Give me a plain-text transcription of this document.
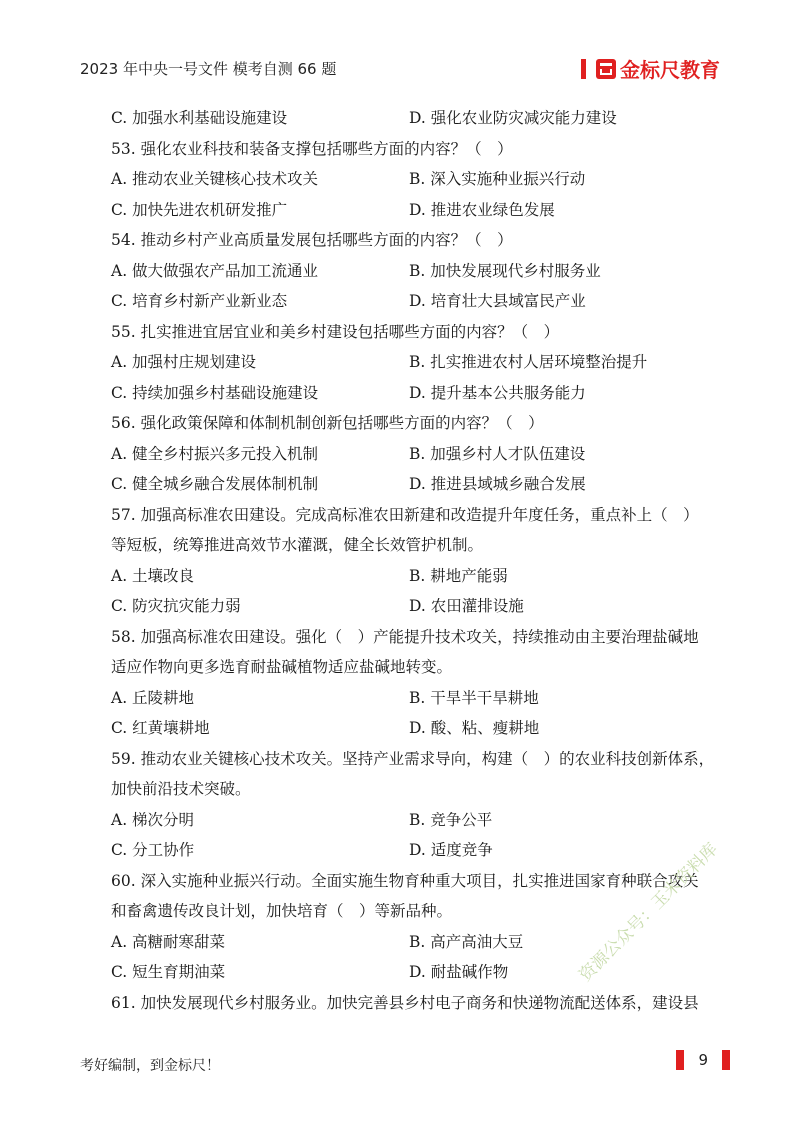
2023 年中央一号文件 模考自测 66 题	金标尺教育
C. 加强水利基础设施建设	D. 强化农业防灾减灾能力建设
53. 强化农业科技和装备支撑包括哪些方面的内容？（　）
A. 推动农业关键核心技术攻关	B. 深入实施种业振兴行动
C. 加快先进农机研发推广	D. 推进农业绿色发展
54. 推动乡村产业高质量发展包括哪些方面的内容？（　）
A. 做大做强农产品加工流通业	B. 加快发展现代乡村服务业
C. 培育乡村新产业新业态	D. 培育壮大县域富民产业
55. 扎实推进宜居宜业和美乡村建设包括哪些方面的内容？（　）
A. 加强村庄规划建设	B. 扎实推进农村人居环境整治提升
C. 持续加强乡村基础设施建设	D. 提升基本公共服务能力
56. 强化政策保障和体制机制创新包括哪些方面的内容？（　）
A. 健全乡村振兴多元投入机制	B. 加强乡村人才队伍建设
C. 健全城乡融合发展体制机制	D. 推进县域城乡融合发展
57. 加强高标准农田建设。完成高标准农田新建和改造提升年度任务，重点补上（　）
等短板，统筹推进高效节水灌溉，健全长效管护机制。
A. 土壤改良	B. 耕地产能弱
C. 防灾抗灾能力弱	D. 农田灌排设施
58. 加强高标准农田建设。强化（　）产能提升技术攻关，持续推动由主要治理盐碱地
适应作物向更多选育耐盐碱植物适应盐碱地转变。
A. 丘陵耕地	B. 干旱半干旱耕地
C. 红黄壤耕地	D. 酸、粘、瘦耕地
59. 推动农业关键核心技术攻关。坚持产业需求导向，构建（　）的农业科技创新体系，
加快前沿技术突破。
A. 梯次分明	B. 竞争公平
C. 分工协作	D. 适度竞争
60. 深入实施种业振兴行动。全面实施生物育种重大项目，扎实推进国家育种联合攻关
和畜禽遗传改良计划，加快培育（　）等新品种。
A. 高糖耐寒甜菜	B. 高产高油大豆
C. 短生育期油菜	D. 耐盐碱作物
61. 加快发展现代乡村服务业。加快完善县乡村电子商务和快递物流配送体系，建设县
资源公众号：玉米资料库
考好编制，到金标尺！	9
